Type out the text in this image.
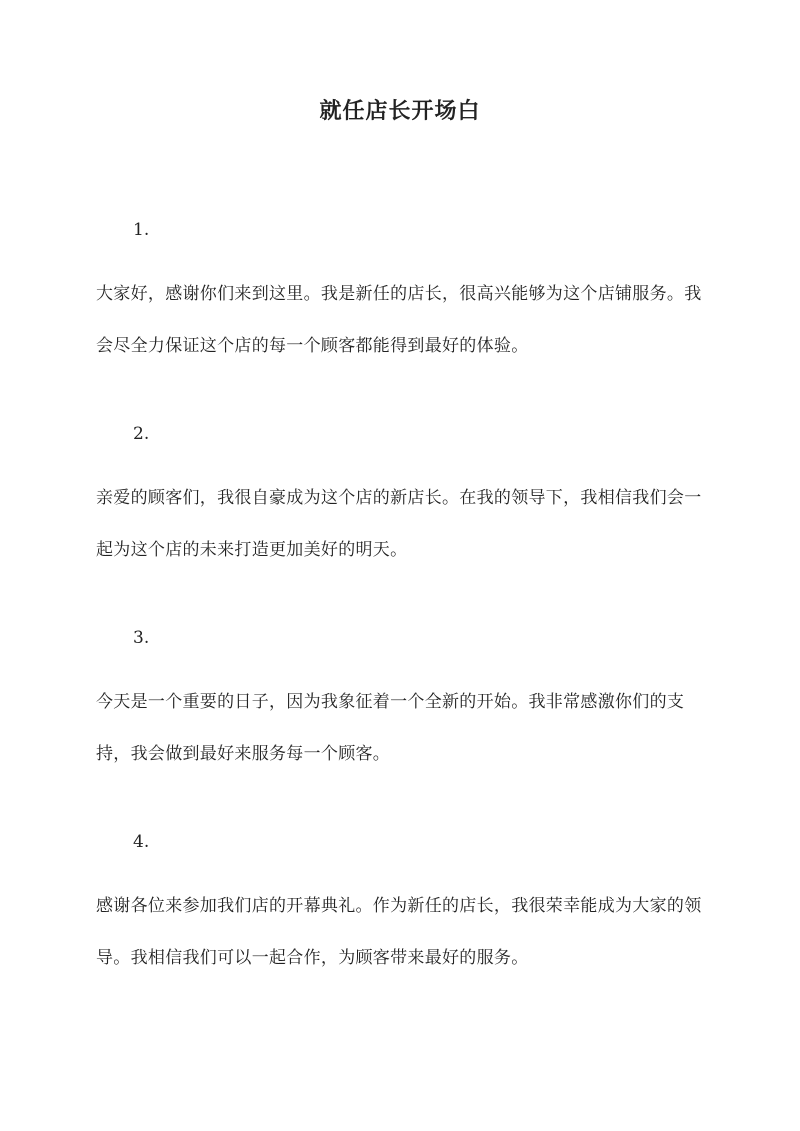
就任店长开场白
1.
大家好，感谢你们来到这里。我是新任的店长，很高兴能够为这个店铺服务。我会尽全力保证这个店的每一个顾客都能得到最好的体验。
2.
亲爱的顾客们，我很自豪成为这个店的新店长。在我的领导下，我相信我们会一起为这个店的未来打造更加美好的明天。
3.
今天是一个重要的日子，因为我象征着一个全新的开始。我非常感激你们的支持，我会做到最好来服务每一个顾客。
4.
感谢各位来参加我们店的开幕典礼。作为新任的店长，我很荣幸能成为大家的领导。我相信我们可以一起合作，为顾客带来最好的服务。
